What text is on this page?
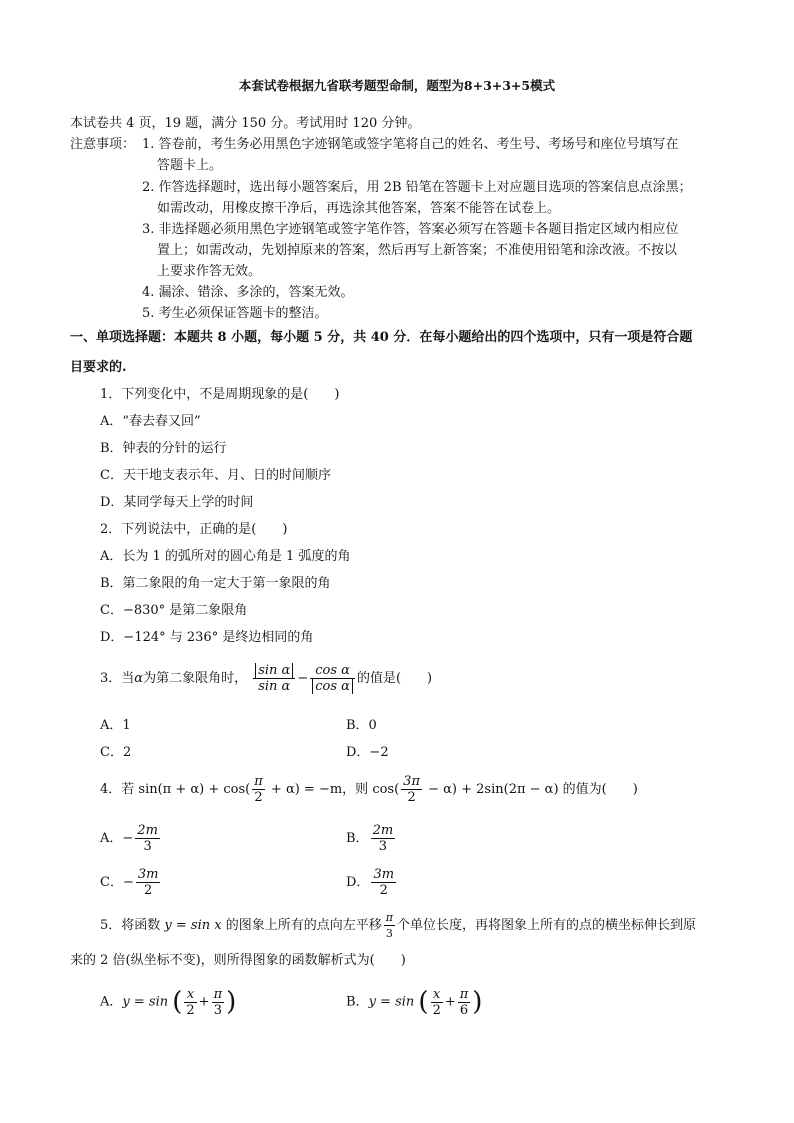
本套试卷根据九省联考题型命制，题型为8+3+3+5模式
本试卷共 4 页，19 题，满分 150 分。考试用时 120 分钟。
注意事项： 1. 答卷前，考生务必用黑色字迹钢笔或签字笔将自己的姓名、考生号、考场号和座位号填写在
答题卡上。
2. 作答选择题时，选出每小题答案后，用 2B 铅笔在答题卡上对应题目选项的答案信息点涂黑；
如需改动，用橡皮擦干净后，再选涂其他答案，答案不能答在试卷上。
3. 非选择题必须用黑色字迹钢笔或签字笔作答，答案必须写在答题卡各题目指定区域内相应位
置上；如需改动，先划掉原来的答案，然后再写上新答案；不准使用铅笔和涂改液。不按以
上要求作答无效。
4. 漏涂、错涂、多涂的，答案无效。
5. 考生必须保证答题卡的整洁。
一、单项选择题：本题共 8 小题，每小题 5 分，共 40 分．在每小题给出的四个选项中，只有一项是符合题
目要求的.
1．下列变化中，不是周期现象的是(　　)
A．“春去春又回”
B．钟表的分针的运行
C．天干地支表示年、月、日的时间顺序
D．某同学每天上学的时间
2．下列说法中，正确的是(　　)
A．长为 1 的弧所对的圆心角是 1 弧度的角
B．第二象限的角一定大于第一象限的角
C．−830° 是第二象限角
D．−124° 与 236° 是终边相同的角
3．当α为第二象限角时， $\frac{\text{sin α}}{\text{sin α}} - \frac{\text{cos α}}{\text{cos α}}$ 的值是(　　)
A．1	B．0
C．2	D．−2
4．若 $\sin(\pi + \alpha) + \cos( \frac{\pi}{2} + \alpha) = -m$，则 $\cos( \frac{3\pi}{2} - \alpha) + 2\sin(2\pi - \alpha)$ 的值为(　　)
A．− $\frac{2m}{3}$	B． $\frac{2m}{3}$
C．− $\frac{3m}{2}$	D． $\frac{3m}{2}$
5．将函数 y = sin x 的图象上所有的点向左平移 $\frac{\pi}{3}$ 个单位长度，再将图象上所有的点的横坐标伸长到原
来的 2 倍(纵坐标不变)，则所得图象的函数解析式为(　　)
A．y = sin ( $\frac{x}{2} + \frac{\pi}{3}$ )	B．y = sin ( $\frac{x}{2} + \frac{\pi}{6}$ )
